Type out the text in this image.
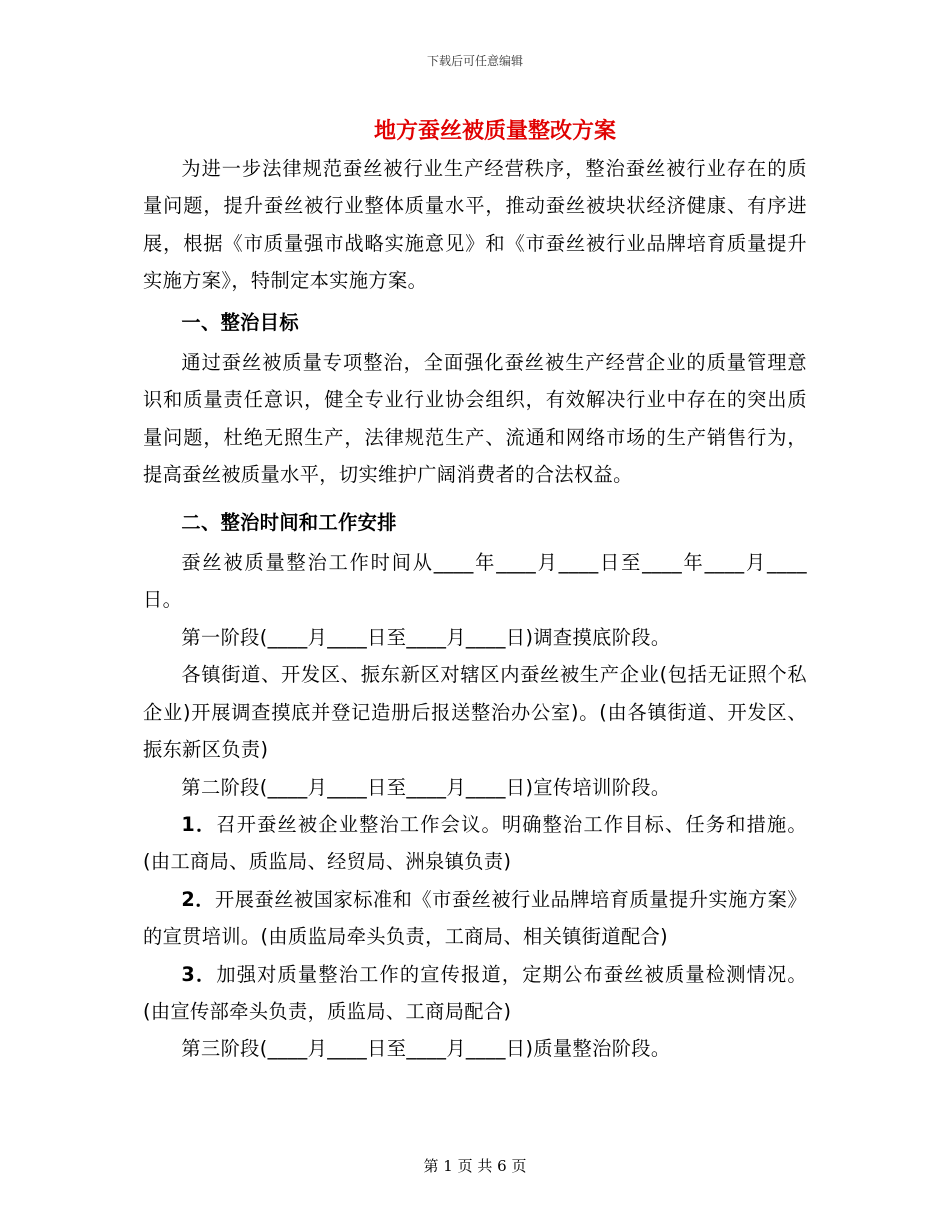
下载后可任意编辑
地方蚕丝被质量整改方案

为进一步法律规范蚕丝被行业生产经营秩序，整治蚕丝被行业存在的质量问题，提升蚕丝被行业整体质量水平，推动蚕丝被块状经济健康、有序进展，根据《市质量强市战略实施意见》和《市蚕丝被行业品牌培育质量提升实施方案》，特制定本实施方案。

一、整治目标

通过蚕丝被质量专项整治，全面强化蚕丝被生产经营企业的质量管理意识和质量责任意识，健全专业行业协会组织，有效解决行业中存在的突出质量问题，杜绝无照生产，法律规范生产、流通和网络市场的生产销售行为，提高蚕丝被质量水平，切实维护广阔消费者的合法权益。

二、整治时间和工作安排

蚕丝被质量整治工作时间从____年____月____日至____年____月____日。

第一阶段(____月____日至____月____日)调查摸底阶段。

各镇街道、开发区、振东新区对辖区内蚕丝被生产企业(包括无证照个私企业)开展调查摸底并登记造册后报送整治办公室)。(由各镇街道、开发区、振东新区负责)

第二阶段(____月____日至____月____日)宣传培训阶段。

1．召开蚕丝被企业整治工作会议。明确整治工作目标、任务和措施。(由工商局、质监局、经贸局、洲泉镇负责)

2．开展蚕丝被国家标准和《市蚕丝被行业品牌培育质量提升实施方案》的宣贯培训。(由质监局牵头负责，工商局、相关镇街道配合)

3．加强对质量整治工作的宣传报道，定期公布蚕丝被质量检测情况。(由宣传部牵头负责，质监局、工商局配合)

第三阶段(____月____日至____月____日)质量整治阶段。

第 1 页 共 6 页
